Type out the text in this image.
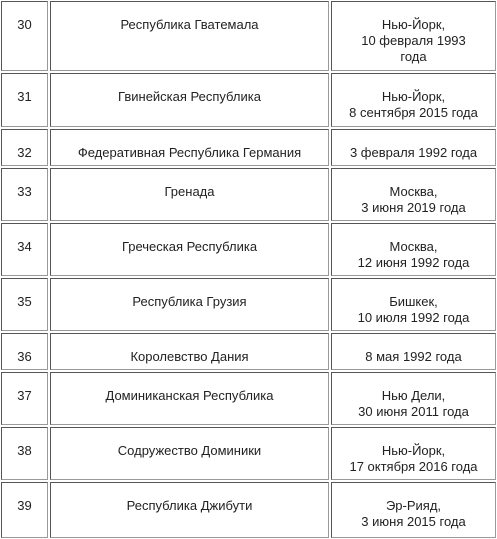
30	Республика Гватемала	Нью-Йорк,
10 февраля 1993
года
31	Гвинейская Республика	Нью-Йорк,
8 сентября 2015 года
32	Федеративная Республика Германия	3 февраля 1992 года
33	Гренада	Москва,
3 июня 2019 года
34	Греческая Республика	Москва,
12 июня 1992 года
35	Республика Грузия	Бишкек,
10 июля 1992 года
36	Королевство Дания	8 мая 1992 года
37	Доминиканская Республика	Нью Дели,
30 июня 2011 года
38	Содружество Доминики	Нью-Йорк,
17 октября 2016 года
39	Республика Джибути	Эр-Рияд,
3 июня 2015 года
